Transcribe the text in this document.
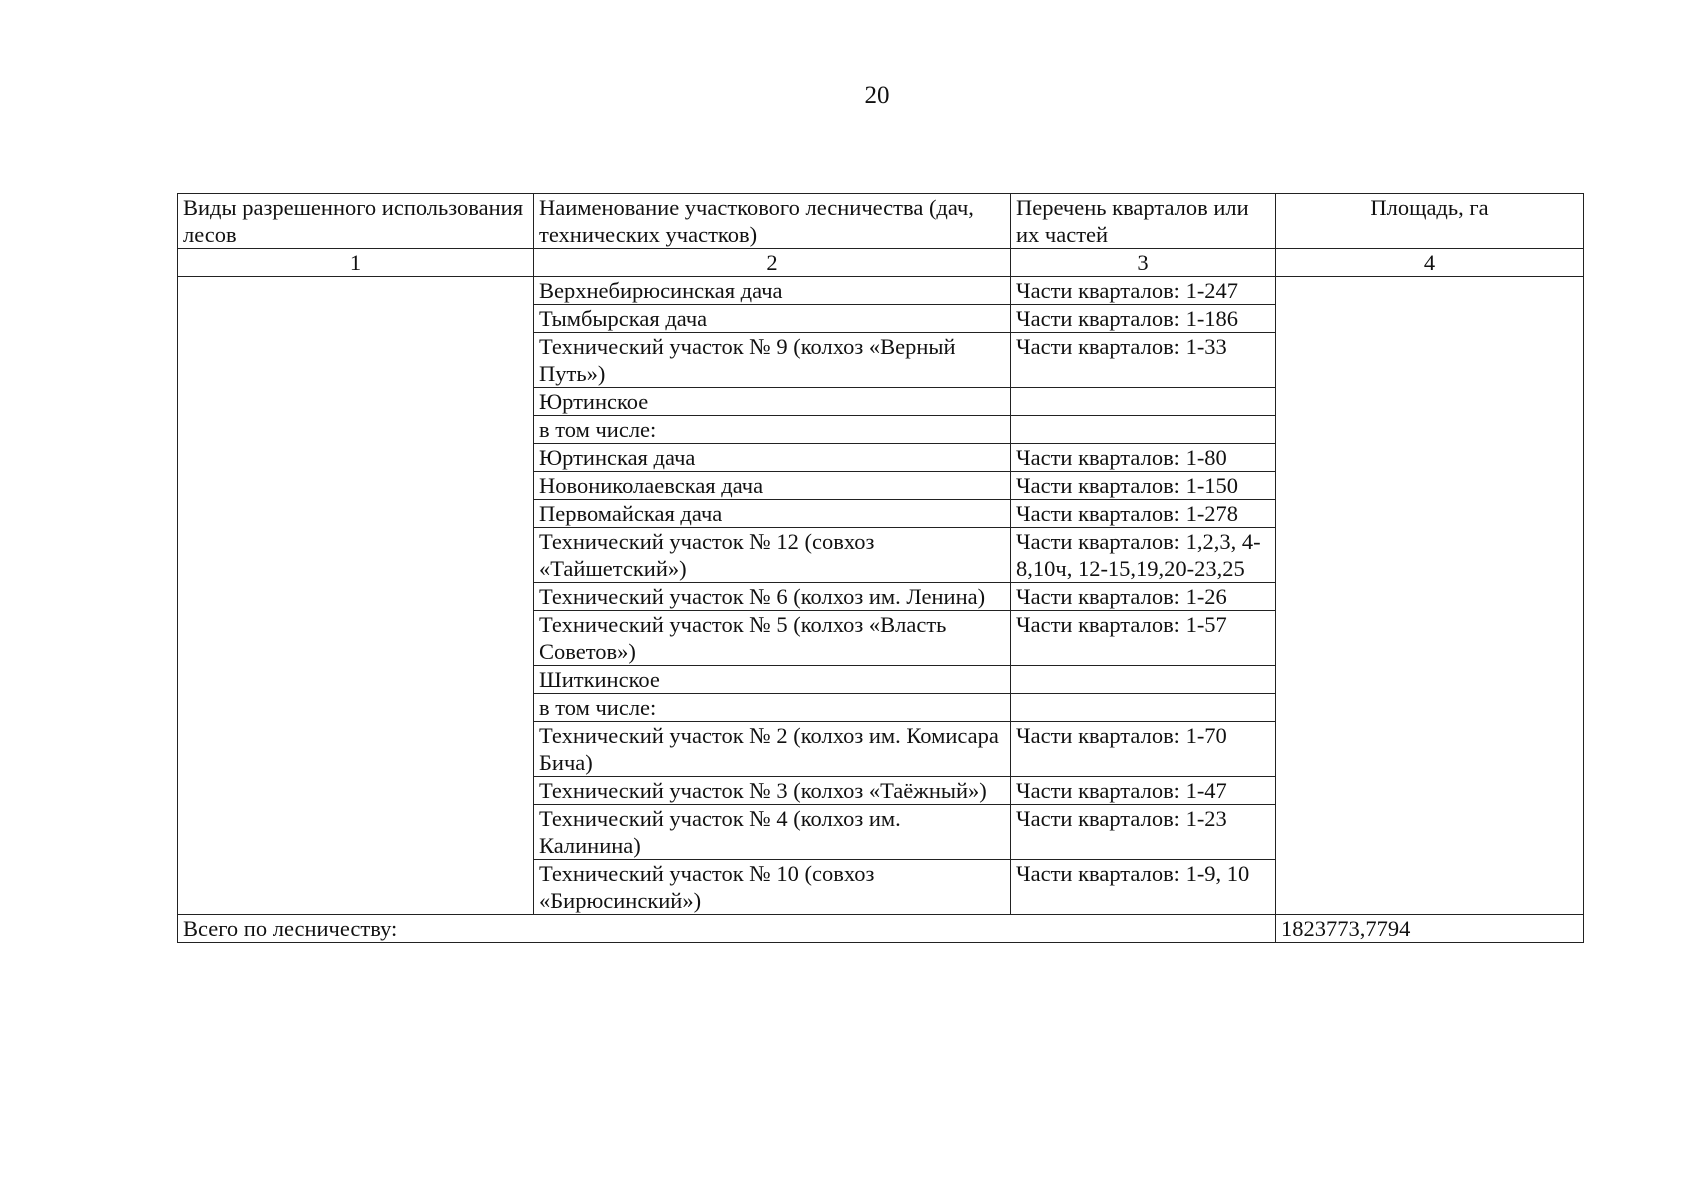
20
Виды разрешенного использования лесов	Наименование участкового лесничества (дач, технических участков)	Перечень кварталов или их частей	Площадь, га
1	2	3	4
	Верхнебирюсинская дача	Части кварталов: 1-247	
	Тымбырская дача	Части кварталов: 1-186	
	Технический участок № 9 (колхоз «Верный Путь»)	Части кварталов: 1-33	
	Юртинское		
	в том числе:		
	Юртинская дача	Части кварталов: 1-80	
	Новониколаевская дача	Части кварталов: 1-150	
	Первомайская дача	Части кварталов: 1-278	
	Технический участок № 12 (совхоз «Тайшетский»)	Части кварталов: 1,2,3, 4-8,10ч, 12-15,19,20-23,25	
	Технический участок № 6 (колхоз им. Ленина)	Части кварталов: 1-26	
	Технический участок № 5 (колхоз «Власть Советов»)	Части кварталов: 1-57	
	Шиткинское		
	в том числе:		
	Технический участок № 2 (колхоз им. Комисара Бича)	Части кварталов: 1-70	
	Технический участок № 3 (колхоз «Таёжный»)	Части кварталов: 1-47	
	Технический участок № 4 (колхоз им. Калинина)	Части кварталов: 1-23	
	Технический участок № 10 (совхоз «Бирюсинский»)	Части кварталов: 1-9, 10	
Всего по лесничеству:			1823773,7794
